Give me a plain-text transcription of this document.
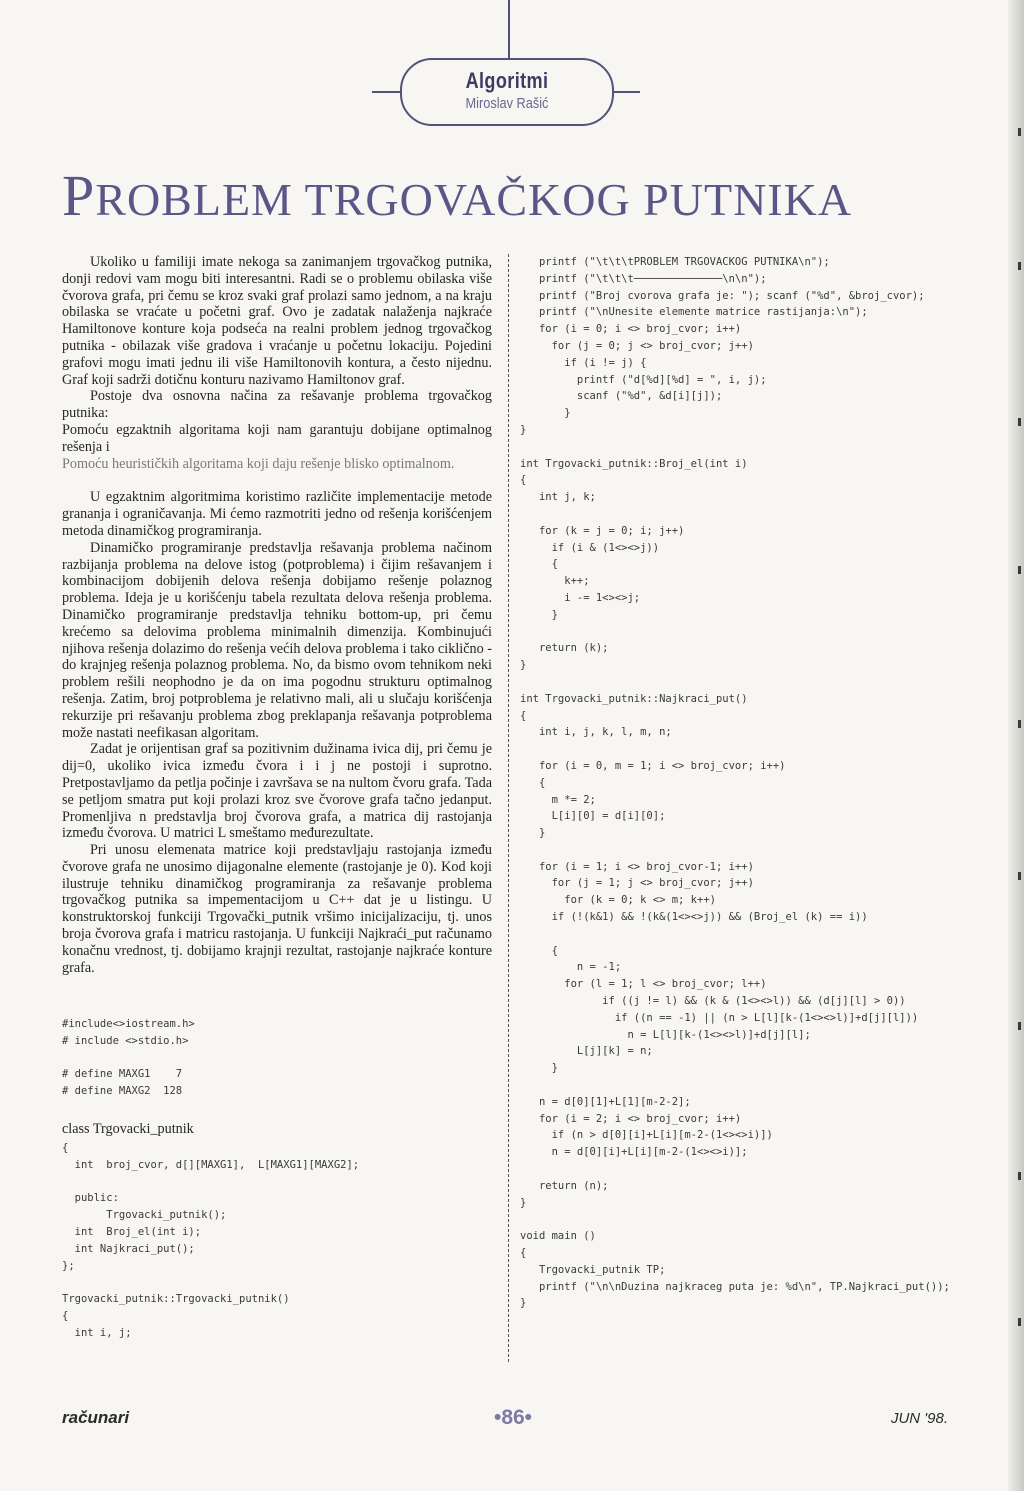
Algoritmi
Miroslav Rašić
PROBLEM TRGOVAČKOG PUTNIKA

Ukoliko u familiji imate nekoga sa zanimanjem trgovačkog putnika, donji redovi vam mogu biti interesantni. Radi se o problemu obilaska više čvorova grafa, pri čemu se kroz svaki graf prolazi samo jednom, a na kraju obilaska se vraćate u početni graf. Ovo je zadatak nalaženja najkraće Hamiltonove konture koja podseća na realni problem jednog trgovačkog putnika - obilazak više gradova i vraćanje u početnu lokaciju. Pojedini grafovi mogu imati jednu ili više Hamiltonovih kontura, a često nijednu. Graf koji sadrži dotičnu konturu nazivamo Hamiltonov graf.

Postoje dva osnovna načina za rešavanje problema trgovačkog putnika:

Pomoću egzaktnih algoritama koji nam garantuju dobijane optimalnog rešenja i

Pomoću heurističkih algoritama koji daju rešenje blisko optimalnom.

U egzaktnim algoritmima koristimo različite implementacije metode grananja i ograničavanja. Mi ćemo razmotriti jedno od rešenja korišćenjem metoda dinamičkog programiranja.

Dinamičko programiranje predstavlja rešavanja problema načinom razbijanja problema na delove istog (potproblema) i čijim rešavanjem i kombinacijom dobijenih delova rešenja dobijamo rešenje polaznog problema. Ideja je u korišćenju tabela rezultata delova rešenja problema. Dinamičko programiranje predstavlja tehniku bottom-up, pri čemu krećemo sa delovima problema minimalnih dimenzija. Kombinujući njihova rešenja dolazimo do rešenja većih delova problema i tako ciklično - do krajnjeg rešenja polaznog problema. No, da bismo ovom tehnikom neki problem rešili neophodno je da on ima pogodnu strukturu optimalnog rešenja. Zatim, broj potproblema je relativno mali, ali u slučaju korišćenja rekurzije pri rešavanju problema zbog preklapanja rešavanja potproblema može nastati neefikasan algoritam.

Zadat je orijentisan graf sa pozitivnim dužinama ivica dij, pri čemu je dij=0, ukoliko ivica između čvora i i j ne postoji i suprotno. Pretpostavljamo da petlja počinje i završava se na nultom čvoru grafa. Tada se petljom smatra put koji prolazi kroz sve čvorove grafa tačno jedanput. Promenljiva n predstavlja broj čvorova grafa, a matrica dij rastojanja između čvorova. U matrici L smeštamo međurezultate.

Pri unosu elemenata matrice koji predstavljaju rastojanja između čvorove grafa ne unosimo dijagonalne elemente (rastojanje je 0). Kod koji ilustruje tehniku dinamičkog programiranja za rešavanje problema trgovačkog putnika sa impementacijom u C++ dat je u listingu. U konstruktorskoj funkciji Trgovački_putnik vršimo inicijalizaciju, tj. unos broja čvorova grafa i matricu rastojanja. U funkciji Najkraći_put računamo konačnu vrednost, tj. dobijamo krajnji rezultat, rastojanje najkraće konture grafa.

#include<>iostream.h>
# include <>stdio.h>

# define MAXG1    7
# define MAXG2  128

class Trgovacki_putnik
{
int  broj_cvor, d[][MAXG1],  L[MAXG1][MAXG2];

public:
Trgovacki_putnik();
int  Broj_el(int i);
int Najkraci_put();
};

Trgovacki_putnik::Trgovacki_putnik()
{
int i, j;

printf ("\t\t\tPROBLEM TRGOVACKOG PUTNIKA\n");
printf ("\t\t\t──────────────\n\n");
printf ("Broj cvorova grafa je: "); scanf ("%d", &broj_cvor);
printf ("\nUnesite elemente matrice rastijanja:\n");
for (i = 0; i <> broj_cvor; i++)
for (j = 0; j <> broj_cvor; j++)
if (i != j) {
printf ("d[%d][%d] = ", i, j);
scanf ("%d", &d[i][j]);
}
}

int Trgovacki_putnik::Broj_el(int i)
{
int j, k;

for (k = j = 0; i; j++)
if (i & (1<><>j))
{
k++;
i -= 1<><>j;
}

return (k);
}

int Trgovacki_putnik::Najkraci_put()
{
int i, j, k, l, m, n;

for (i = 0, m = 1; i <> broj_cvor; i++)
{
m *= 2;
L[i][0] = d[i][0];
}

for (i = 1; i <> broj_cvor-1; i++)
for (j = 1; j <> broj_cvor; j++)
for (k = 0; k <> m; k++)
if (!(k&1) && !(k&(1<><>j)) && (Broj_el (k) == i))

{
n = -1;
for (l = 1; l <> broj_cvor; l++)
if ((j != l) && (k & (1<><>l)) && (d[j][l] > 0))
if ((n == -1) || (n > L[l][k-(1<><>l)]+d[j][l]))
n = L[l][k-(1<><>l)]+d[j][l];
L[j][k] = n;
}

n = d[0][1]+L[1][m-2-2];
for (i = 2; i <> broj_cvor; i++)
if (n > d[0][i]+L[i][m-2-(1<><>i)])
n = d[0][i]+L[i][m-2-(1<><>i)];

return (n);
}

void main ()
{
Trgovacki_putnik TP;
printf ("\n\nDuzina najkraceg puta je: %d\n", TP.Najkraci_put());
}

računari	•86•	JUN '98.
